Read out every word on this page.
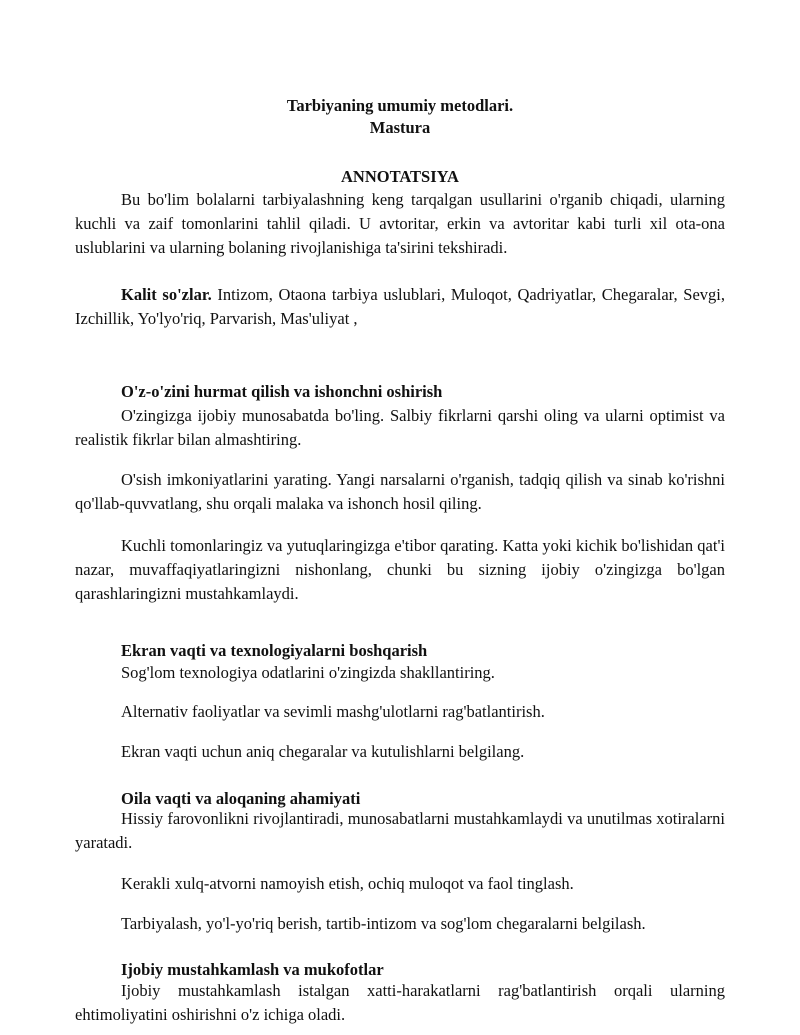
Tarbiyaning umumiy metodlari.
Mastura
ANNOTATSIYA

Bu bo'lim bolalarni tarbiyalashning keng tarqalgan usullarini o'rganib chiqadi, ularning kuchli va zaif tomonlarini tahlil qiladi. U avtoritar, erkin va avtoritar kabi turli xil ota-ona uslublarini va ularning bolaning rivojlanishiga ta'sirini tekshiradi.

Kalit so'zlar. Intizom, Otaona tarbiya uslublari, Muloqot, Qadriyatlar, Chegaralar, Sevgi, Izchillik, Yo'lyo'riq, Parvarish, Mas'uliyat ,

O'z-o'zini hurmat qilish va ishonchni oshirish

O'zingizga ijobiy munosabatda bo'ling. Salbiy fikrlarni qarshi oling va ularni optimist va realistik fikrlar bilan almashtiring.

O'sish imkoniyatlarini yarating. Yangi narsalarni o'rganish, tadqiq qilish va sinab ko'rishni qo'llab-quvvatlang, shu orqali malaka va ishonch hosil qiling.

Kuchli tomonlaringiz va yutuqlaringizga e'tibor qarating. Katta yoki kichik bo'lishidan qat'i nazar, muvaffaqiyatlaringizni nishonlang, chunki bu sizning ijobiy o'zingizga bo'lgan qarashlaringizni mustahkamlaydi.

Ekran vaqti va texnologiyalarni boshqarish

Sog'lom texnologiya odatlarini o'zingizda shakllantiring.

Alternativ faoliyatlar va sevimli mashg'ulotlarni rag'batlantirish.

Ekran vaqti uchun aniq chegaralar va kutulishlarni belgilang.

Oila vaqti va aloqaning ahamiyati

Hissiy farovonlikni rivojlantiradi, munosabatlarni mustahkamlaydi va unutilmas xotiralarni yaratadi.

Kerakli xulq-atvorni namoyish etish, ochiq muloqot va faol tinglash.

Tarbiyalash, yo'l-yo'riq berish, tartib-intizom va sog'lom chegaralarni belgilash.

Ijobiy mustahkamlash va mukofotlar

Ijobiy mustahkamlash istalgan xatti-harakatlarni rag'batlantirish orqali ularning ehtimoliyatini oshirishni o'z ichiga oladi.
